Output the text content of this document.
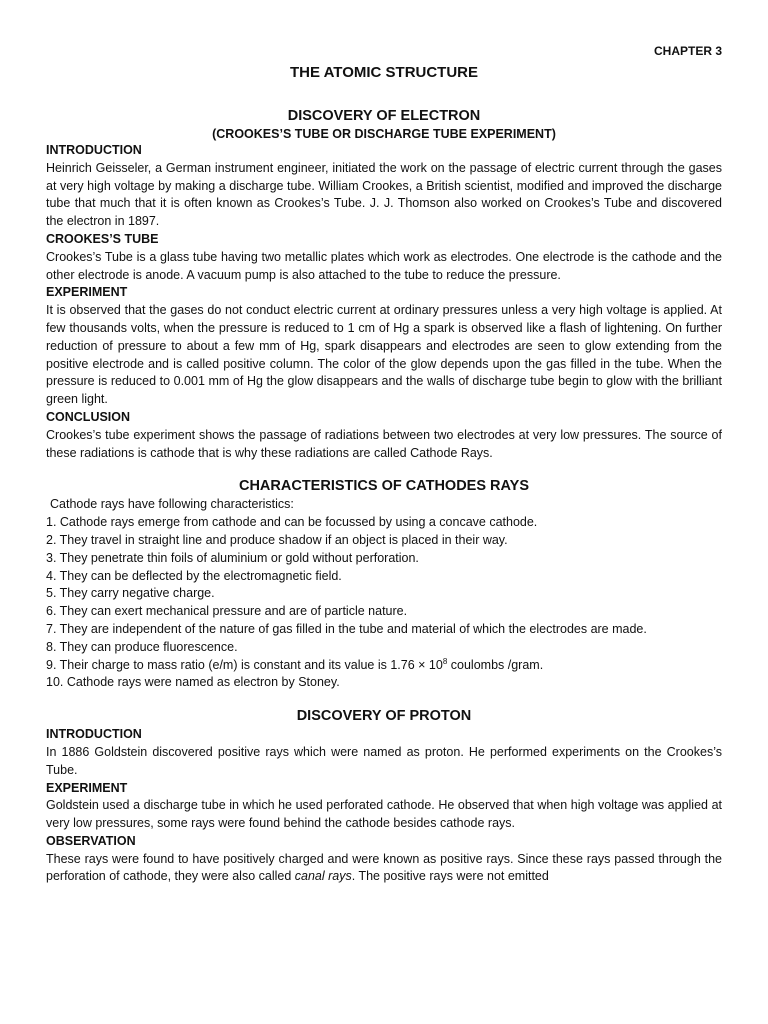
CHAPTER 3
THE ATOMIC STRUCTURE
DISCOVERY OF ELECTRON
(CROOKES’S TUBE OR DISCHARGE TUBE EXPERIMENT)
INTRODUCTION

Heinrich Geisseler, a German instrument engineer, initiated the work on the passage of electric current through the gases at very high voltage by making a discharge tube. William Crookes, a British scientist, modified and improved the discharge tube that much that it is often known as Crookes’s Tube. J. J. Thomson also worked on Crookes’s Tube and discovered the electron in 1897.

CROOKES’S TUBE

Crookes’s Tube is a glass tube having two metallic plates which work as electrodes. One electrode is the cathode and the other electrode is anode. A vacuum pump is also attached to the tube to reduce the pressure.

EXPERIMENT

It is observed that the gases do not conduct electric current at ordinary pressures unless a very high voltage is applied. At few thousands volts, when the pressure is reduced to 1 cm of Hg a spark is observed like a flash of lightening. On further reduction of pressure to about a few mm of Hg, spark disappears and electrodes are seen to glow extending from the positive electrode and is called positive column. The color of the glow depends upon the gas filled in the tube. When the pressure is reduced to 0.001 mm of Hg the glow disappears and the walls of discharge tube begin to glow with the brilliant green light.

CONCLUSION

Crookes’s tube experiment shows the passage of radiations between two electrodes at very low pressures. The source of these radiations is cathode that is why these radiations are called Cathode Rays.

CHARACTERISTICS OF CATHODES RAYS
Cathode rays have following characteristics:
1. Cathode rays emerge from cathode and can be focussed by using a concave cathode.
2. They travel in straight line and produce shadow if an object is placed in their way.
3. They penetrate thin foils of aluminium or gold without perforation.
4. They can be deflected by the electromagnetic field.
5. They carry negative charge.
6. They can exert mechanical pressure and are of particle nature.
7. They are independent of the nature of gas filled in the tube and material of which the electrodes are made.
8. They can produce fluorescence.
9. Their charge to mass ratio (e/m) is constant and its value is $1.76 \times 10^8$ coulombs /gram.
10. Cathode rays were named as electron by Stoney.
DISCOVERY OF PROTON
INTRODUCTION

In 1886 Goldstein discovered positive rays which were named as proton. He performed experiments on the Crookes’s Tube.

EXPERIMENT

Goldstein used a discharge tube in which he used perforated cathode. He observed that when high voltage was applied at very low pressures, some rays were found behind the cathode besides cathode rays.

OBSERVATION

These rays were found to have positively charged and were known as positive rays. Since these rays passed through the perforation of cathode, they were also called canal rays. The positive rays were not emitted
